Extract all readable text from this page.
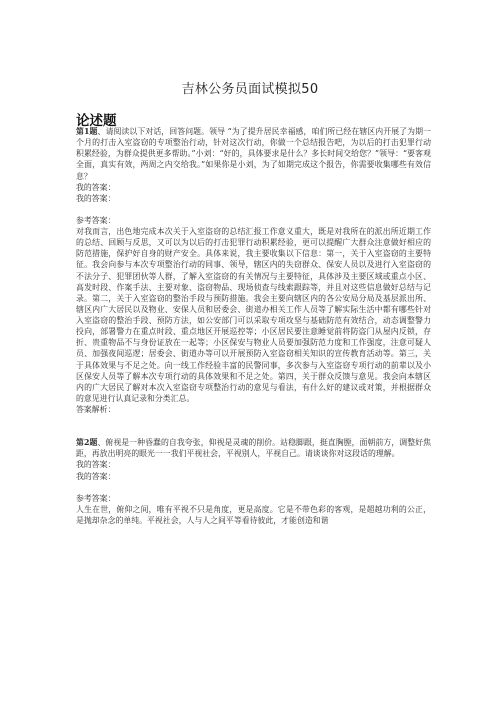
吉林公务员面试模拟50
论述题

第1题、请阅读以下对话，回答问题。领导 “为了提升居民幸福感，咱们所已经在辖区内开展了为期一个月的打击入室盗窃的专项整治行动，针对这次行动，你做一个总结报告吧，为以后的打击犯罪行动积累经验，为群众提供更多帮助。”小刘：“好的，具体要求是什么？多长时间交给您？”领导：“要客观全面，真实有效，两周之内交给我。”如果你是小刘，为了如期完成这个报告，你需要收集哪些有效信息？

我的答案：

我的答案：

参考答案：

对我而言，出色地完成本次关于入室盗窃的总结汇报工作意义重大，既是对我所在的派出所近期工作的总结、回顾与反思，又可以为以后的打击犯罪行动积累经验，更可以提醒广大群众注意做好相应的防范措施，保护好自身的财产安全。具体来说，我主要收集以下信息：第一，关于入室盗窃的主要特征。我会向参与本次专项整治行动的同事、领导，辖区内的失窃群众、保安人员以及进行入室盗窃的不法分子、犯罪团伙等人群，了解入室盗窃的有关情况与主要特征，具体涉及主要区域或重点小区、高发时段、作案手法、主要对象、盗窃物品、现场侦查与线索跟踪等，并且对这些信息做好总结与记录。第二，关于入室盗窃的整治手段与预防措施。我会主要向辖区内的各公安局分局及基层派出所、辖区内广大居民以及物业、安保人员和居委会、街道办相关工作人员等了解实际生活中都有哪些针对入室盗窃的整治手段、预防方法，如公安部门可以采取专项攻坚与基础防范有效结合，动态调整警力投向，部署警力在重点时段、重点地区开展巡控等；小区居民要注意睡觉前将防盗门从屋内反锁，存折、贵重物品不与身份证放在一起等；小区保安与物业人员要加强防范力度和工作强度，注意可疑人员、加强夜间巡逻；居委会、街道办等可以开展预防入室盗窃相关知识的宣传教育活动等。第三，关于具体效果与不足之处。向一线工作经验丰富的民警同事，多次参与入室盗窃专项行动的前辈以及小区保安人员等了解本次专项行动的具体效果和不足之处。第四，关于群众反馈与意见。我会向本辖区内的广大居民了解对本次入室盗窃专项整治行动的意见与看法，有什么好的建议或对策，并根据群众的意见进行认真记录和分类汇总。

答案解析：

第2题、俯视是一种昏蠢的自我夸张，仰视是灵魂的削价。站稳脚跟，挺直胸膛，面朝前方，调整好焦距，再放出明亮的眼光一一我们平视社会，平视别人，平视自己。请谈谈你对这段话的理解。

我的答案：

我的答案：

参考答案：

人生在世，俯仰之间，唯有平视不只是角度，更是高度。它是不带色彩的客观，是超越功利的公正，是抛却杂念的单纯。平视社会，人与人之间平等看待彼此，才能创造和谐
